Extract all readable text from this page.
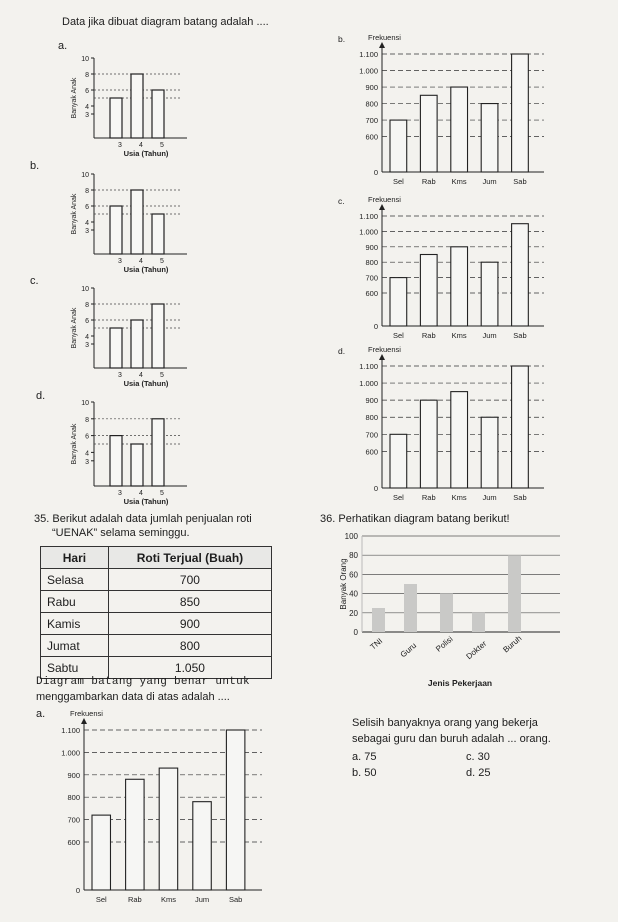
Data jika dibuat diagram batang adalah ....
a.
10
8
6
4
3
3 4 5
Usia (Tahun)
Banyak Anak
b.
10
8
6
4
3
3 4 5
Usia (Tahun)
Banyak Anak
c.
10
8
6
4
3
3 4 5
Usia (Tahun)
Banyak Anak
d.
10
8
6
4
3
3 4 5
Usia (Tahun)
Banyak Anak
b.	Frekuensi
1.100
1.000
900
800
700
600
0
Sel Rab Kms Jum Sab
c.	Frekuensi
1.100
1.000
900
800
700
600
0
Sel Rab Kms Jum Sab
d.	Frekuensi
1.100
1.000
900
800
700
600
0
Sel Rab Kms Jum Sab
35. Berikut adalah data jumlah penjualan roti
“UENAK” selama seminggu.
Hari	Roti Terjual (Buah)
Selasa	700
Rabu	850
Kamis	900
Jumat	800
Sabtu	1.050
Diagram batang yang benar untuk
menggambarkan data di atas adalah ....
a.	Frekuensi
1.100
1.000
900
800
700
600
0
Sel	Rab	Kms	Jum	Sab
36. Perhatikan diagram batang berikut!
0
20
40
60
80
100
TNI Guru Polisi Dokter Buruh
Banyak Orang
Jenis Pekerjaan
Selisih banyaknya orang yang bekerja
sebagai guru dan buruh adalah ... orang.
a. 75	c. 30
b. 50	d. 25
